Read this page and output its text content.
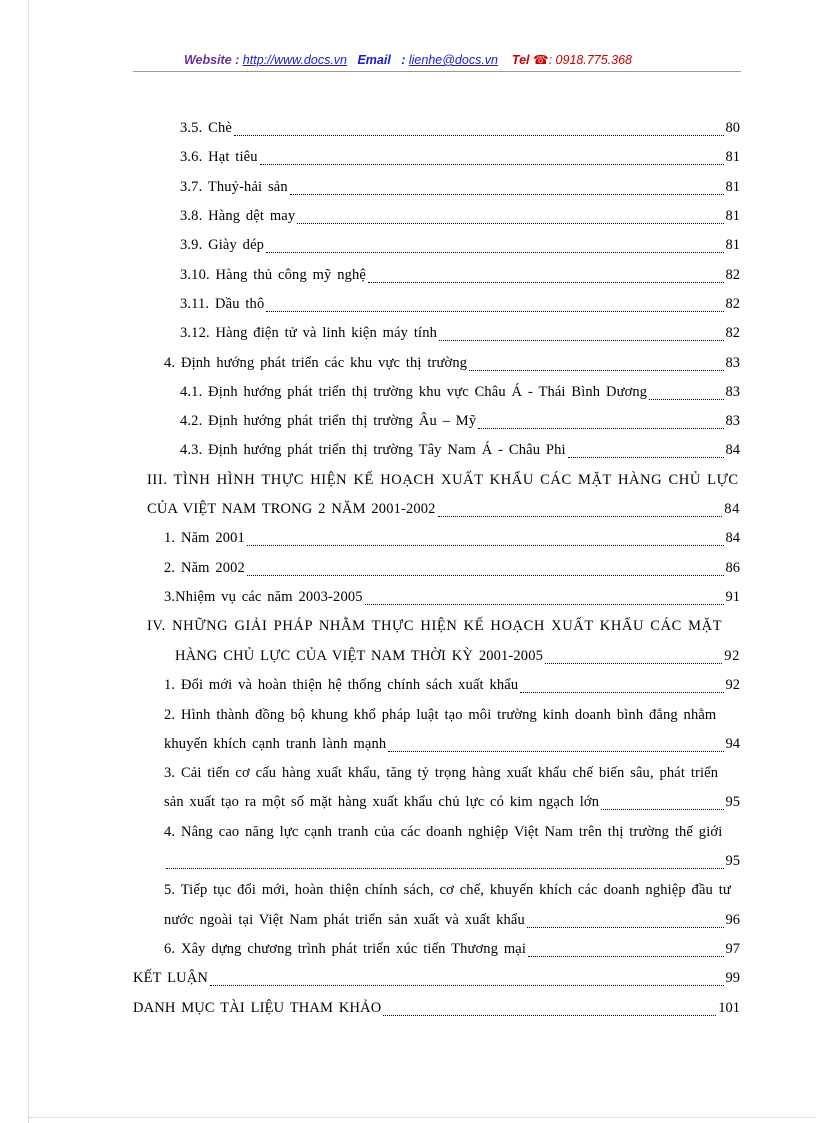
Website : http://www.docs.vn Email : lienhe@docs.vn Tel ☎: 0918.775.368
3.5. Chè	80
3.6. Hạt tiêu	81
3.7. Thuỷ-hải sản	81
3.8. Hàng dệt may	81
3.9. Giày dép	81
3.10. Hàng thủ công mỹ nghệ	82
3.11. Dầu thô	82
3.12. Hàng điện tử và linh kiện máy tính	82
4. Định hướng phát triển các khu vực thị trường	83
4.1. Định hướng phát triển thị trường khu vực Châu Á - Thái Bình Dương	83
4.2. Định hướng phát triển thị trường Âu – Mỹ	83
4.3. Định hướng phát triển thị trường Tây Nam Á - Châu Phi	84
III. TÌNH HÌNH THỰC HIỆN KẾ HOẠCH XUẤT KHẨU CÁC MẶT HÀNG CHỦ LỰC
CỦA VIỆT NAM TRONG 2 NĂM 2001-2002	84
1. Năm 2001	84
2. Năm 2002	86
3.Nhiệm vụ các năm 2003-2005	91
IV. NHỮNG GIẢI PHÁP NHẰM THỰC HIỆN KẾ HOẠCH XUẤT KHẨU CÁC MẶT
HÀNG CHỦ LỰC CỦA VIỆT NAM THỜI KỲ 2001-2005	92
1. Đổi mới và hoàn thiện hệ thống chính sách xuất khẩu	92
2. Hình thành đồng bộ khung khổ pháp luật tạo môi trường kinh doanh bình đẳng nhằm
khuyến khích cạnh tranh lành mạnh	94
3. Cải tiến cơ cấu hàng xuất khẩu, tăng tỷ trọng hàng xuất khẩu chế biến sâu, phát triển
sản xuất tạo ra một số mặt hàng xuất khẩu chủ lực có kim ngạch lớn	95
4. Nâng cao năng lực cạnh tranh của các doanh nghiệp Việt Nam trên thị trường thế giới
95
5. Tiếp tục đổi mới, hoàn thiện chính sách, cơ chế, khuyến khích các doanh nghiệp đầu tư
nước ngoài tại Việt Nam phát triển sản xuất và xuất khẩu	96
6. Xây dựng chương trình phát triển xúc tiến Thương mại	97
KẾT LUẬN	99
DANH MỤC TÀI LIỆU THAM KHẢO	101
